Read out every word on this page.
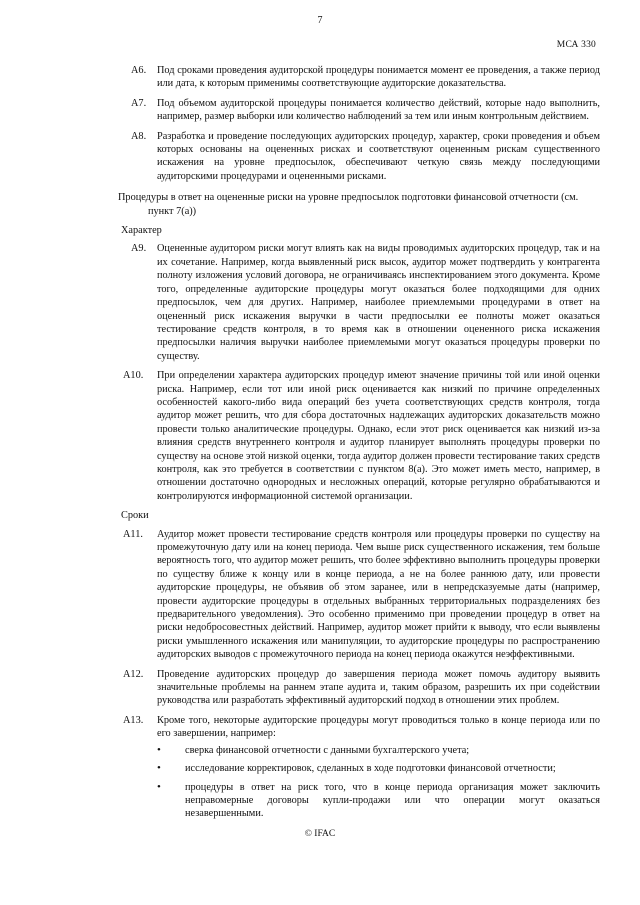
7
МСА 330
А6.	Под сроками проведения аудиторской процедуры понимается момент ее проведения, а также период или дата, к которым применимы соответствующие аудиторские доказательства.
А7.	Под объемом аудиторской процедуры понимается количество действий, которые надо выполнить, например, размер выборки или количество наблюдений за тем или иным контрольным действием.
А8.	Разработка и проведение последующих аудиторских процедур, характер, сроки проведения и объем которых основаны на оцененных рисках и соответствуют оцененным рискам существенного искажения на уровне предпосылок, обеспечивают четкую связь между последующими аудиторскими процедурами и оцененными рисками.
Процедуры в ответ на оцененные риски на уровне предпосылок подготовки финансовой отчетности (см.
пункт 7(а))
Характер
А9.	Оцененные аудитором риски могут влиять как на виды проводимых аудиторских процедур, так и на их сочетание. Например, когда выявленный риск высок, аудитор может подтвердить у контрагента полноту изложения условий договора, не ограничиваясь инспектированием этого документа. Кроме того, определенные аудиторские процедуры могут оказаться более подходящими для одних предпосылок, чем для других. Например, наиболее приемлемыми процедурами в ответ на оцененный риск искажения выручки в части предпосылки ее полноты может оказаться тестирование средств контроля, в то время как в отношении оцененного риска искажения предпосылки наличия выручки наиболее приемлемыми могут оказаться процедуры проверки по существу.
А10.	При определении характера аудиторских процедур имеют значение причины той или иной оценки риска. Например, если тот или иной риск оценивается как низкий по причине определенных особенностей какого-либо вида операций без учета соответствующих средств контроля, тогда аудитор может решить, что для сбора достаточных надлежащих аудиторских доказательств можно провести только аналитические процедуры. Однако, если этот риск оценивается как низкий из-за влияния средств внутреннего контроля и аудитор планирует выполнять процедуры проверки по существу на основе этой низкой оценки, тогда аудитор должен провести тестирование таких средств контроля, как это требуется в соответствии с пунктом 8(а). Это может иметь место, например, в отношении достаточно однородных и несложных операций, которые регулярно обрабатываются и контролируются информационной системой организации.
Сроки
А11.	Аудитор может провести тестирование средств контроля или процедуры проверки по существу на промежуточную дату или на конец периода. Чем выше риск существенного искажения, тем больше вероятность того, что аудитор может решить, что более эффективно выполнить процедуры проверки по существу ближе к концу или в конце периода, а не на более раннюю дату, или провести аудиторские процедуры, не объявив об этом заранее, или в непредсказуемые даты (например, провести аудиторские процедуры в отдельных выбранных территориальных подразделениях без предварительного уведомления). Это особенно применимо при проведении процедур в ответ на риски недобросовестных действий. Например, аудитор может прийти к выводу, что если выявлены риски умышленного искажения или манипуляции, то аудиторские процедуры по распространению аудиторских выводов с промежуточного периода на конец периода окажутся неэффективными.
А12.	Проведение аудиторских процедур до завершения периода может помочь аудитору выявить значительные проблемы на раннем этапе аудита и, таким образом, разрешить их при содействии руководства или разработать эффективный аудиторский подход в отношении этих проблем.
А13.	Кроме того, некоторые аудиторские процедуры могут проводиться только в конце периода или по его завершении, например:
• сверка финансовой отчетности с данными бухгалтерского учета;
• исследование корректировок, сделанных в ходе подготовки финансовой отчетности;
• процедуры в ответ на риск того, что в конце периода организация может заключить неправомерные договоры купли-продажи или что операции могут оказаться незавершенными.
© IFAC
